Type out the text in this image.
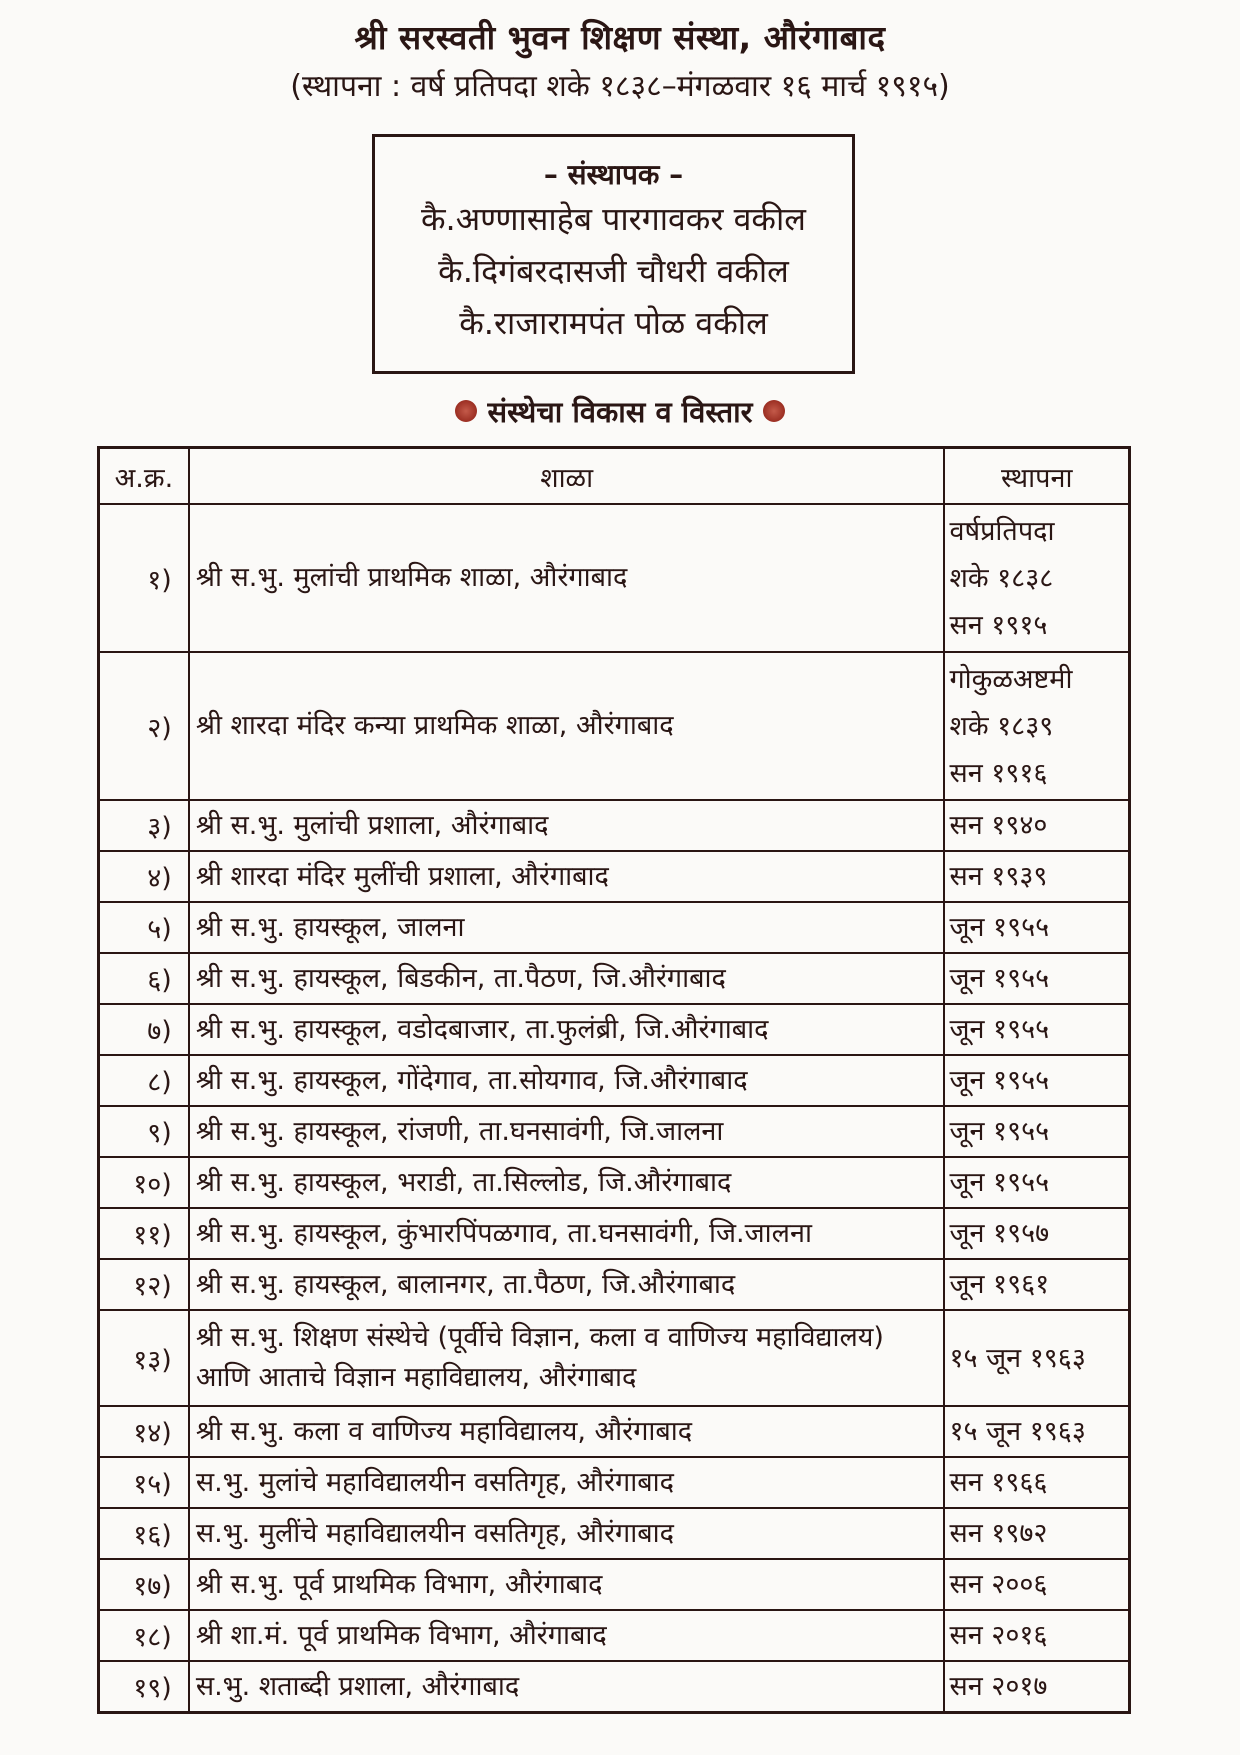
श्री सरस्वती भुवन शिक्षण संस्था, औरंगाबाद
(स्थापना : वर्ष प्रतिपदा शके १८३८–मंगळवार १६ मार्च १९१५)
– संस्थापक –
कै.अण्णासाहेब पारगावकर वकील
कै.दिगंबरदासजी चौधरी वकील
कै.राजारामपंत पोळ वकील
संस्थेचा विकास व विस्तार
अ.क्र.	शाळा	स्थापना
१)	श्री स.भु. मुलांची प्राथमिक शाळा, औरंगाबाद	वर्षप्रतिपदा
शके १८३८
सन १९१५

२)	श्री शारदा मंदिर कन्या प्राथमिक शाळा, औरंगाबाद	गोकुळअष्टमी
शके १८३९
सन १९१६

३)	श्री स.भु. मुलांची प्रशाला, औरंगाबाद	सन १९४०

४)	श्री शारदा मंदिर मुलींची प्रशाला, औरंगाबाद	सन १९३९

५)	श्री स.भु. हायस्कूल, जालना	जून १९५५

६)	श्री स.भु. हायस्कूल, बिडकीन, ता.पैठण, जि.औरंगाबाद	जून १९५५

७)	श्री स.भु. हायस्कूल, वडोदबाजार, ता.फुलंब्री, जि.औरंगाबाद	जून १९५५

८)	श्री स.भु. हायस्कूल, गोंदेगाव, ता.सोयगाव, जि.औरंगाबाद	जून १९५५

९)	श्री स.भु. हायस्कूल, रांजणी, ता.घनसावंगी, जि.जालना	जून १९५५

१०)	श्री स.भु. हायस्कूल, भराडी, ता.सिल्लोड, जि.औरंगाबाद	जून १९५५

११)	श्री स.भु. हायस्कूल, कुंभारपिंपळगाव, ता.घनसावंगी, जि.जालना	जून १९५७

१२)	श्री स.भु. हायस्कूल, बालानगर, ता.पैठण, जि.औरंगाबाद	जून १९६१

१३)	श्री स.भु. शिक्षण संस्थेचे (पूर्वीचे विज्ञान, कला व वाणिज्य महाविद्यालय)
आणि आताचे विज्ञान महाविद्यालय, औरंगाबाद	१५ जून १९६३

१४)	श्री स.भु. कला व वाणिज्य महाविद्यालय, औरंगाबाद	१५ जून १९६३

१५)	स.भु. मुलांचे महाविद्यालयीन वसतिगृह, औरंगाबाद	सन १९६६

१६)	स.भु. मुलींचे महाविद्यालयीन वसतिगृह, औरंगाबाद	सन १९७२

१७)	श्री स.भु. पूर्व प्राथमिक विभाग, औरंगाबाद	सन २००६

१८)	श्री शा.मं. पूर्व प्राथमिक विभाग, औरंगाबाद	सन २०१६

१९)	स.भु. शताब्दी प्रशाला, औरंगाबाद	सन २०१७
